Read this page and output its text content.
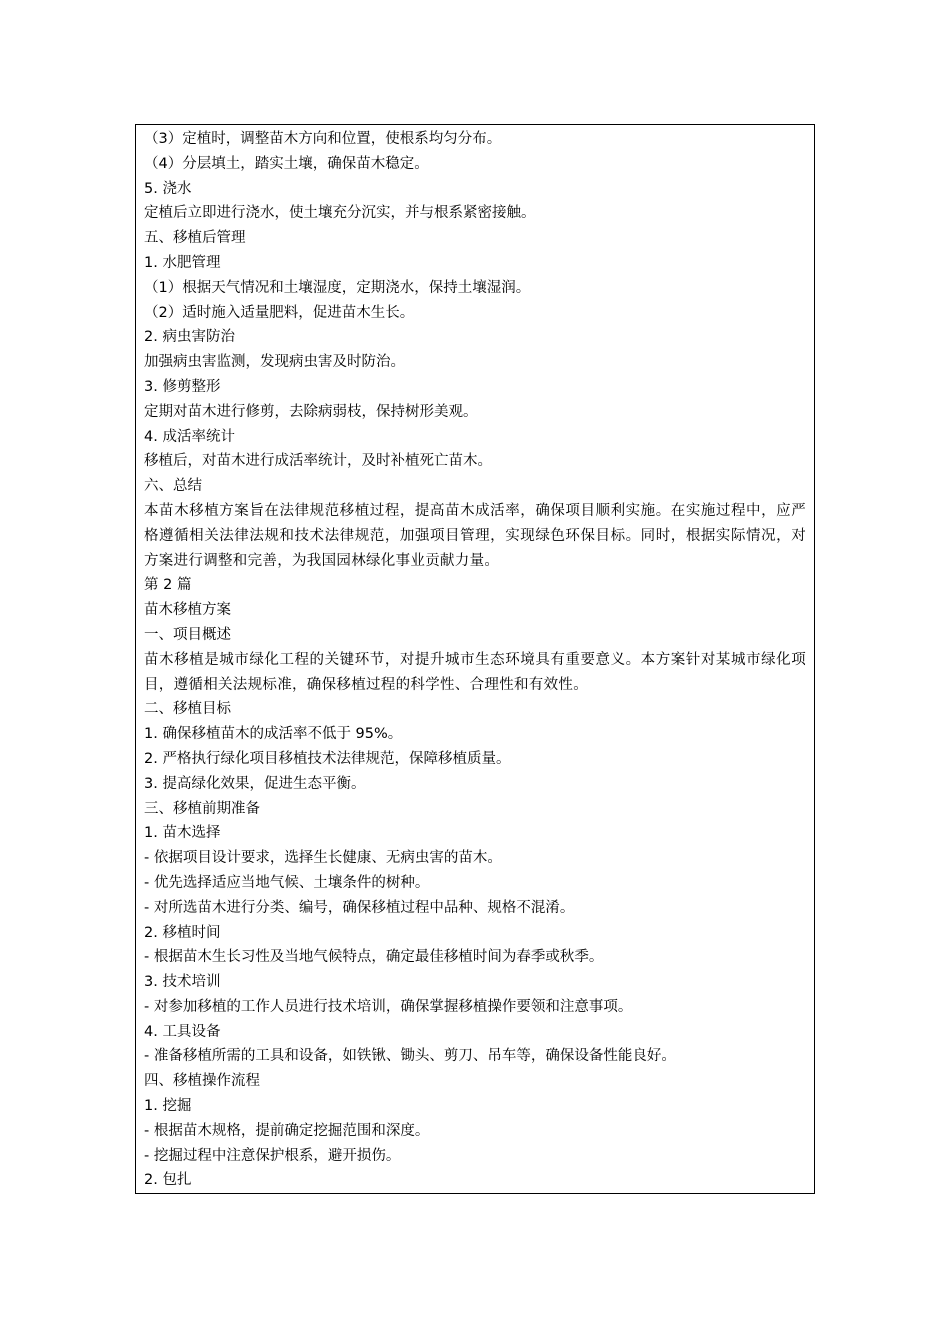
（3）定植时，调整苗木方向和位置，使根系均匀分布。
（4）分层填土，踏实土壤，确保苗木稳定。
5. 浇水
定植后立即进行浇水，使土壤充分沉实，并与根系紧密接触。
五、移植后管理
1. 水肥管理
（1）根据天气情况和土壤湿度，定期浇水，保持土壤湿润。
（2）适时施入适量肥料，促进苗木生长。
2. 病虫害防治
加强病虫害监测，发现病虫害及时防治。
3. 修剪整形
定期对苗木进行修剪，去除病弱枝，保持树形美观。
4. 成活率统计
移植后，对苗木进行成活率统计，及时补植死亡苗木。
六、总结
本苗木移植方案旨在法律规范移植过程，提高苗木成活率，确保项目顺利实施。在实施过程中，应严格遵循相关法律法规和技术法律规范，加强项目管理，实现绿色环保目标。同时，根据实际情况，对方案进行调整和完善，为我国园林绿化事业贡献力量。
第 2 篇
苗木移植方案
一、项目概述
苗木移植是城市绿化工程的关键环节，对提升城市生态环境具有重要意义。本方案针对某城市绿化项目，遵循相关法规标准，确保移植过程的科学性、合理性和有效性。
二、移植目标
1. 确保移植苗木的成活率不低于 95%。
2. 严格执行绿化项目移植技术法律规范，保障移植质量。
3. 提高绿化效果，促进生态平衡。
三、移植前期准备
1. 苗木选择
- 依据项目设计要求，选择生长健康、无病虫害的苗木。
- 优先选择适应当地气候、土壤条件的树种。
- 对所选苗木进行分类、编号，确保移植过程中品种、规格不混淆。
2. 移植时间
- 根据苗木生长习性及当地气候特点，确定最佳移植时间为春季或秋季。
3. 技术培训
- 对参加移植的工作人员进行技术培训，确保掌握移植操作要领和注意事项。
4. 工具设备
- 准备移植所需的工具和设备，如铁锹、锄头、剪刀、吊车等，确保设备性能良好。
四、移植操作流程
1. 挖掘
- 根据苗木规格，提前确定挖掘范围和深度。
- 挖掘过程中注意保护根系，避开损伤。
2. 包扎
